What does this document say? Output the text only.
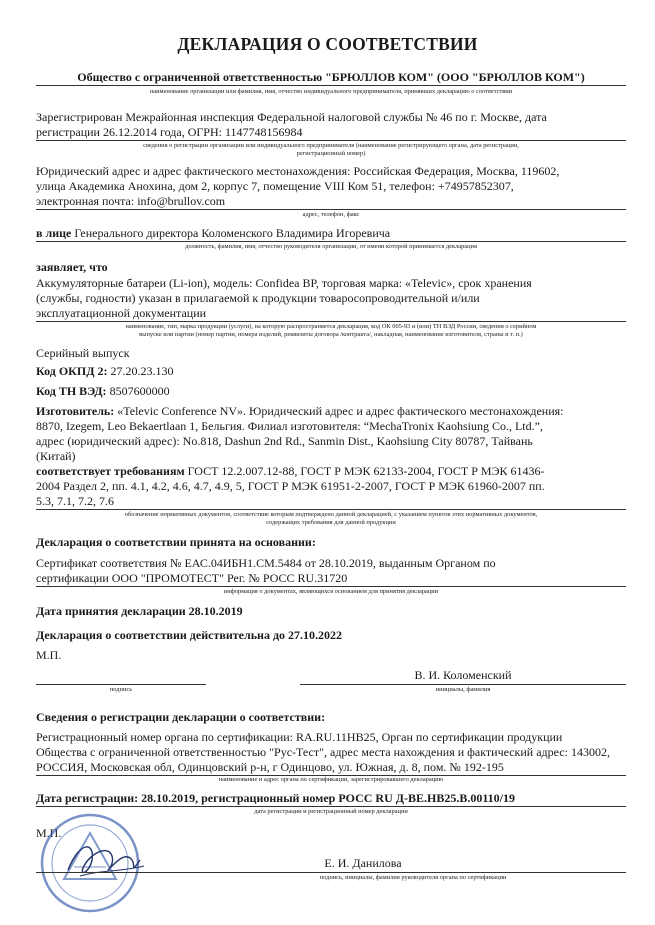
ДЕКЛАРАЦИЯ О СООТВЕТСТВИИ
Общество с ограниченной ответственностью "БРЮЛЛОВ КОМ" (ООО "БРЮЛЛОВ КОМ")
наименование организации или фамилия, имя, отчество индивидуального предпринимателя, принявших декларацию о соответствии
Зарегистрирован Межрайонная инспекция Федеральной налоговой службы № 46 по г. Москве, дата
регистрации 26.12.2014 года, ОГРН: 1147748156984
сведения о регистрации организации или индивидуального предпринимателя (наименование регистрирующего органа, дата регистрации,
регистрационный номер)
Юридический адрес и адрес фактического местонахождения: Российская Федерация, Москва, 119602,
улица Академика Анохина, дом 2, корпус 7, помещение VIII Ком 51, телефон: +74957852307,
электронная почта: info@brullov.com
адрес, телефон, факс
в лице Генерального директора Коломенского Владимира Игоревича
должность, фамилия, имя, отчество руководителя организации, от имени которой принимается декларация
заявляет, что
Аккумуляторные батареи (Li-ion), модель: Confidea BP, торговая марка: «Televic», срок хранения
(службы, годности) указан в прилагаемой к продукции товаросопроводительной и/или
эксплуатационной документации
наименование, тип, марка продукции (услуги), на которую распространяется декларация, код ОК 005-93 и (или) ТН ВЭД России, сведения о серийном
выпуске или партии (номер партии, номера изделий, реквизиты договора /контракта/, накладная, наименование изготовителя, страны и т. п.)
Серийный выпуск
Код ОКПД 2: 27.20.23.130
Код ТН ВЭД: 8507600000
Изготовитель: «Televic Conference NV». Юридический адрес и адрес фактического местонахождения:
8870, Izegem, Leo Bekaertlaan 1, Бельгия. Филиал изготовителя: “MechaTronix Kaohsiung Co., Ltd.”,
адрес (юридический адрес): No.818, Dashun 2nd Rd., Sanmin Dist., Kaohsiung City 80787, Тайвань
(Китай)
соответствует требованиям ГОСТ 12.2.007.12-88, ГОСТ Р МЭК 62133-2004, ГОСТ Р МЭК 61436-
2004 Раздел 2, пп. 4.1, 4.2, 4.6, 4.7, 4.9, 5, ГОСТ Р МЭК 61951-2-2007, ГОСТ Р МЭК 61960-2007 пп.
5.3, 7.1, 7.2, 7.6
обозначение нормативных документов, соответствие которым подтверждено данной декларацией, с указанием пунктов этих нормативных документов,
содержащих требования для данной продукции
Декларация о соответствии принята на основании:
Сертификат соответствия № ЕАС.04ИБН1.СМ.5484 от 28.10.2019, выданным Органом по
сертификации ООО "ПРОМОТЕСТ" Рег. № РОСС RU.31720
информация о документах, являющихся основанием для принятия декларации
Дата принятия декларации 28.10.2019
Декларация о соответствии действительна до 27.10.2022
М.П.
В. И. Коломенский
подпись	инициалы, фамилия
Сведения о регистрации декларации о соответствии:
Регистрационный номер органа по сертификации: RA.RU.11НВ25, Орган по сертификации продукции
Общества с ограниченной ответственностью "Рус-Тест", адрес места нахождения и фактический адрес: 143002,
РОССИЯ, Московская обл, Одинцовский р-н, г Одинцово, ул. Южная, д. 8, пом. № 192-195
наименование и адрес органа по сертификации, зарегистрировавшего декларацию
Дата регистрации: 28.10.2019, регистрационный номер РОСС RU Д-BE.НВ25.В.00110/19
дата регистрации и регистрационный номер декларации
М.П.
Е. И. Данилова
подпись, инициалы, фамилия руководителя органа по сертификации
